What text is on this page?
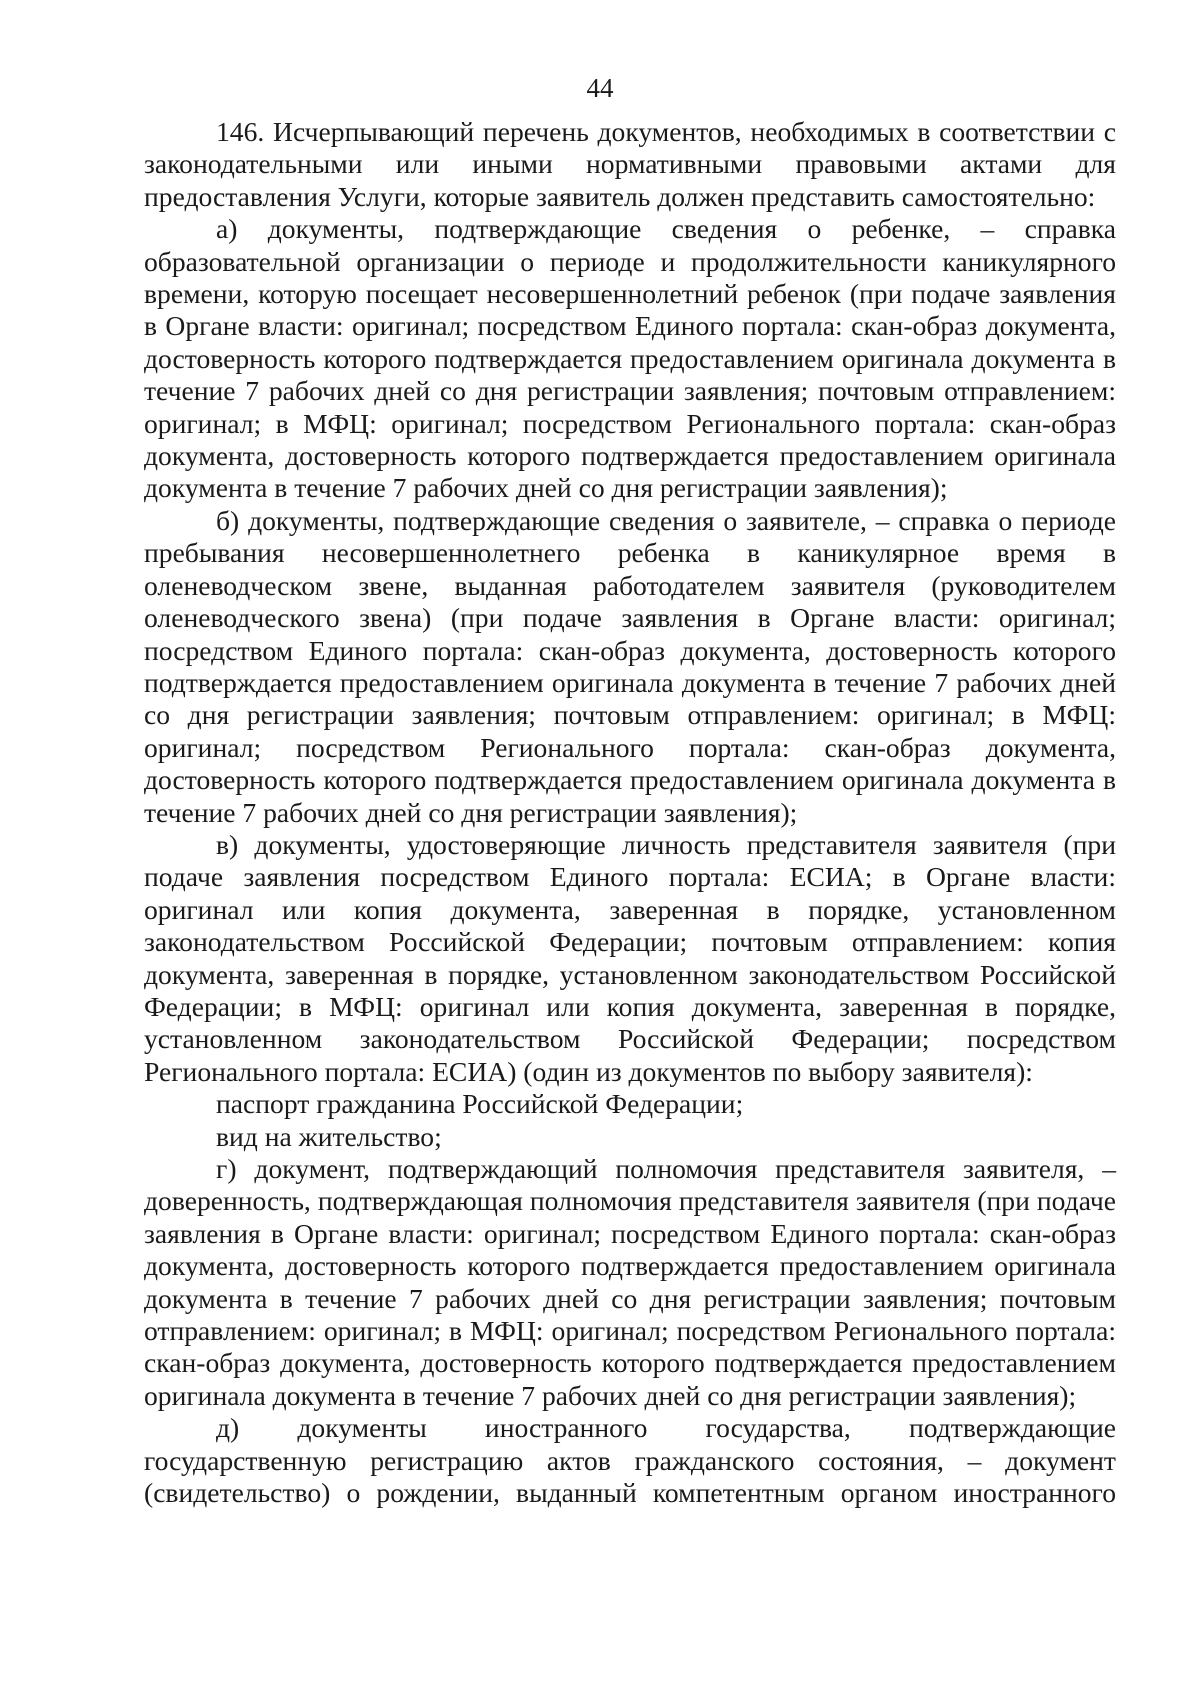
44

146. Исчерпывающий перечень документов, необходимых в соответствии с законодательными или иными нормативными правовыми актами для предоставления Услуги, которые заявитель должен представить самостоятельно:

а) документы, подтверждающие сведения о ребенке, – справка образовательной организации о периоде и продолжительности каникулярного времени, которую посещает несовершеннолетний ребенок (при подаче заявления в Органе власти: оригинал; посредством Единого портала: скан-образ документа, достоверность которого подтверждается предоставлением оригинала документа в течение 7 рабочих дней со дня регистрации заявления; почтовым отправлением: оригинал; в МФЦ: оригинал; посредством Регионального портала: скан-образ документа, достоверность которого подтверждается предоставлением оригинала документа в течение 7 рабочих дней со дня регистрации заявления);

б) документы, подтверждающие сведения о заявителе, – справка о периоде пребывания несовершеннолетнего ребенка в каникулярное время в оленеводческом звене, выданная работодателем заявителя (руководителем оленеводческого звена) (при подаче заявления в Органе власти: оригинал; посредством Единого портала: скан-образ документа, достоверность которого подтверждается предоставлением оригинала документа в течение 7 рабочих дней со дня регистрации заявления; почтовым отправлением: оригинал; в МФЦ: оригинал; посредством Регионального портала: скан-образ документа, достоверность которого подтверждается предоставлением оригинала документа в течение 7 рабочих дней со дня регистрации заявления);

в) документы, удостоверяющие личность представителя заявителя (при подаче заявления посредством Единого портала: ЕСИА; в Органе власти: оригинал или копия документа, заверенная в порядке, установленном законодательством Российской Федерации; почтовым отправлением: копия документа, заверенная в порядке, установленном законодательством Российской Федерации; в МФЦ: оригинал или копия документа, заверенная в порядке, установленном законодательством Российской Федерации; посредством Регионального портала: ЕСИА) (один из документов по выбору заявителя):

паспорт гражданина Российской Федерации;

вид на жительство;

г) документ, подтверждающий полномочия представителя заявителя, – доверенность, подтверждающая полномочия представителя заявителя (при подаче заявления в Органе власти: оригинал; посредством Единого портала: скан-образ документа, достоверность которого подтверждается предоставлением оригинала документа в течение 7 рабочих дней со дня регистрации заявления; почтовым отправлением: оригинал; в МФЦ: оригинал; посредством Регионального портала: скан-образ документа, достоверность которого подтверждается предоставлением оригинала документа в течение 7 рабочих дней со дня регистрации заявления);

д) документы иностранного государства, подтверждающие государственную регистрацию актов гражданского состояния, – документ (свидетельство) о рождении, выданный компетентным органом иностранного
